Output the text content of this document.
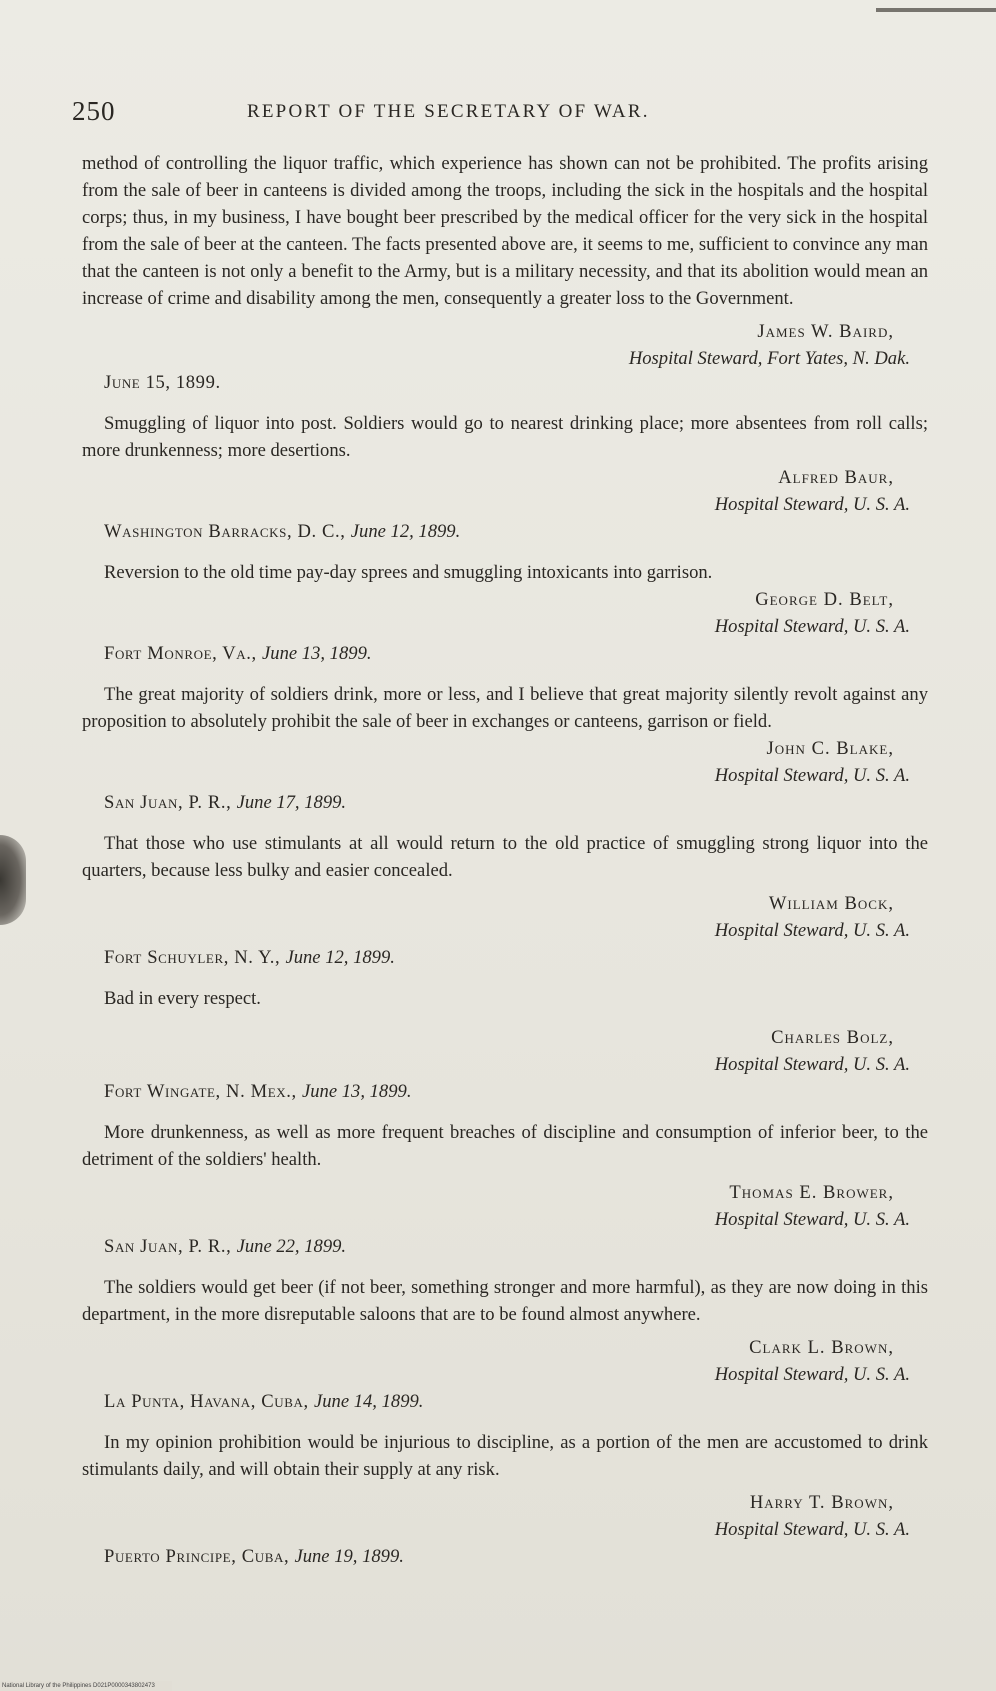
250	REPORT OF THE SECRETARY OF WAR.

method of controlling the liquor traffic, which experience has shown can not be prohibited. The profits arising from the sale of beer in canteens is divided among the troops, including the sick in the hospitals and the hospital corps; thus, in my business, I have bought beer prescribed by the medical officer for the very sick in the hospital from the sale of beer at the canteen. The facts presented above are, it seems to me, sufficient to convince any man that the canteen is not only a benefit to the Army, but is a military necessity, and that its abolition would mean an increase of crime and disability among the men, consequently a greater loss to the Government.

James W. Baird,
Hospital Steward, Fort Yates, N. Dak.
June 15, 1899.

Smuggling of liquor into post. Soldiers would go to nearest drinking place; more absentees from roll calls; more drunkenness; more desertions.

Alfred Baur,
Hospital Steward, U. S. A.
Washington Barracks, D. C., June 12, 1899.

Reversion to the old time pay-day sprees and smuggling intoxicants into garrison.

George D. Belt,
Hospital Steward, U. S. A.
Fort Monroe, Va., June 13, 1899.

The great majority of soldiers drink, more or less, and I believe that great majority silently revolt against any proposition to absolutely prohibit the sale of beer in exchanges or canteens, garrison or field.

John C. Blake,
Hospital Steward, U. S. A.
San Juan, P. R., June 17, 1899.

That those who use stimulants at all would return to the old practice of smuggling strong liquor into the quarters, because less bulky and easier concealed.

William Bock,
Hospital Steward, U. S. A.
Fort Schuyler, N. Y., June 12, 1899.

Bad in every respect.

Charles Bolz,
Hospital Steward, U. S. A.
Fort Wingate, N. Mex., June 13, 1899.

More drunkenness, as well as more frequent breaches of discipline and consumption of inferior beer, to the detriment of the soldiers' health.

Thomas E. Brower,
Hospital Steward, U. S. A.
San Juan, P. R., June 22, 1899.

The soldiers would get beer (if not beer, something stronger and more harmful), as they are now doing in this department, in the more disreputable saloons that are to be found almost anywhere.

Clark L. Brown,
Hospital Steward, U. S. A.
La Punta, Havana, Cuba, June 14, 1899.

In my opinion prohibition would be injurious to discipline, as a portion of the men are accustomed to drink stimulants daily, and will obtain their supply at any risk.

Harry T. Brown,
Hospital Steward, U. S. A.
Puerto Principe, Cuba, June 19, 1899.
National Library of the Philippines D021P0000343802473
